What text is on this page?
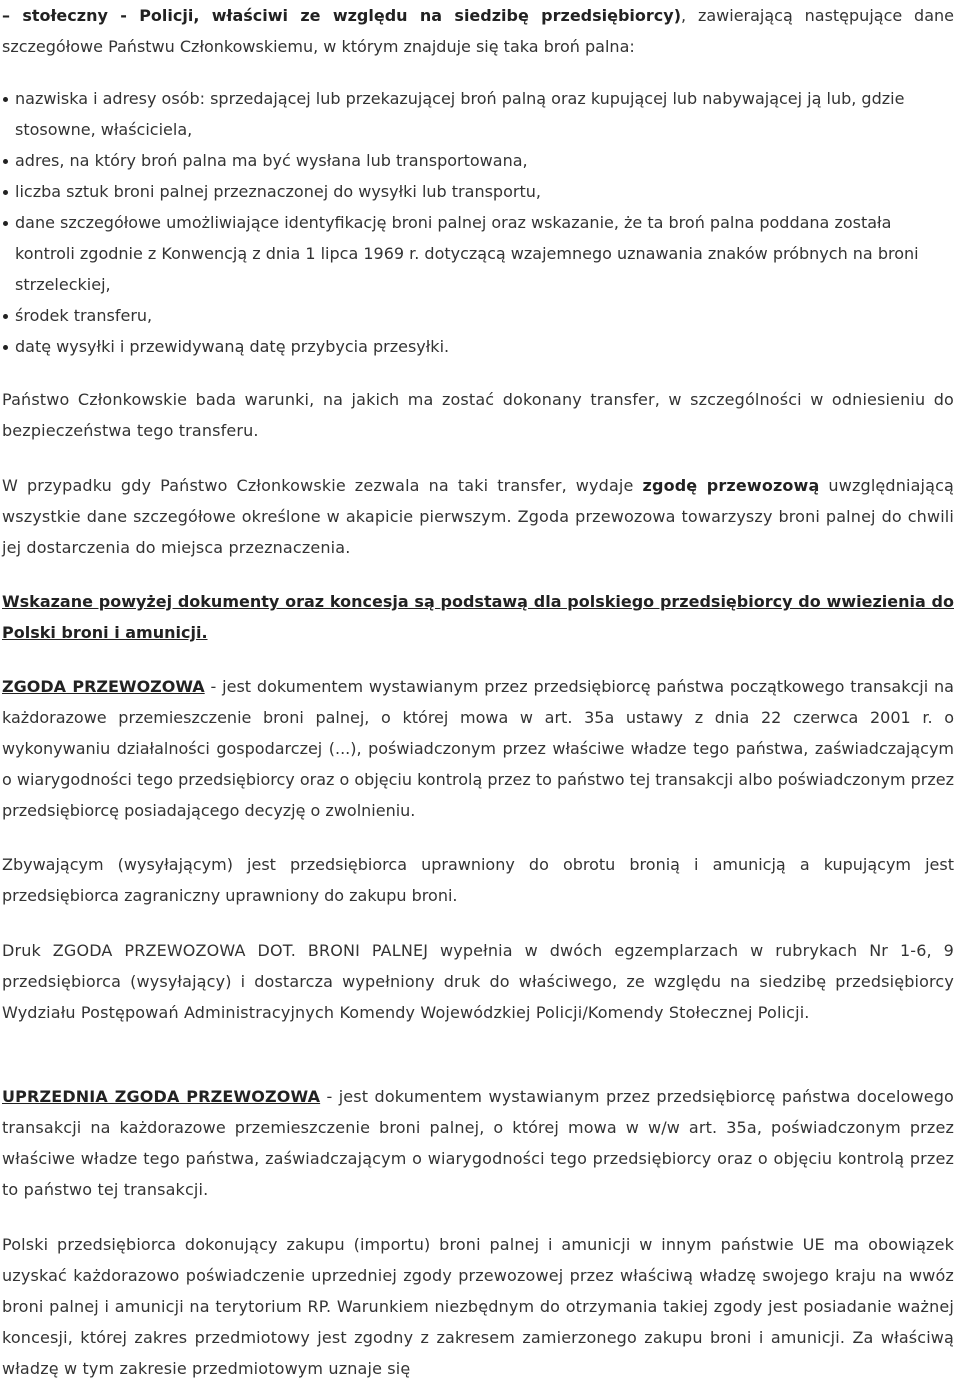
– stołeczny - Policji, właściwi ze względu na siedzibę przedsiębiorcy), zawierającą następujące dane szczegółowe Państwu Członkowskiemu, w którym znajduje się taka broń palna:

nazwiska i adresy osób: sprzedającej lub przekazującej broń palną oraz kupującej lub nabywającej ją lub, gdzie stosowne, właściciela,
adres, na który broń palna ma być wysłana lub transportowana,
liczba sztuk broni palnej przeznaczonej do wysyłki lub transportu,
dane szczegółowe umożliwiające identyfikację broni palnej oraz wskazanie, że ta broń palna poddana została kontroli zgodnie z Konwencją z dnia 1 lipca 1969 r. dotyczącą wzajemnego uznawania znaków próbnych na broni strzeleckiej,
środek transferu,
datę wysyłki i przewidywaną datę przybycia przesyłki.

Państwo Członkowskie bada warunki, na jakich ma zostać dokonany transfer, w szczególności w odniesieniu do bezpieczeństwa tego transferu.

W przypadku gdy Państwo Członkowskie zezwala na taki transfer, wydaje zgodę przewozową uwzględniającą wszystkie dane szczegółowe określone w akapicie pierwszym. Zgoda przewozowa towarzyszy broni palnej do chwili jej dostarczenia do miejsca przeznaczenia.

Wskazane powyżej dokumenty oraz koncesja są podstawą dla polskiego przedsiębiorcy do wwiezienia do Polski broni i amunicji.

ZGODA PRZEWOZOWA - jest dokumentem wystawianym przez przedsiębiorcę państwa początkowego transakcji na każdorazowe przemieszczenie broni palnej, o której mowa w art. 35a ustawy z dnia 22 czerwca 2001 r. o wykonywaniu działalności gospodarczej (...), poświadczonym przez właściwe władze tego państwa, zaświadczającym o wiarygodności tego przedsiębiorcy oraz o objęciu kontrolą przez to państwo tej transakcji albo poświadczonym przez przedsiębiorcę posiadającego decyzję o zwolnieniu.

Zbywającym (wysyłającym) jest przedsiębiorca uprawniony do obrotu bronią i amunicją a kupującym jest przedsiębiorca zagraniczny uprawniony do zakupu broni.

Druk ZGODA PRZEWOZOWA DOT. BRONI PALNEJ wypełnia w dwóch egzemplarzach w rubrykach Nr 1-6, 9 przedsiębiorca (wysyłający) i dostarcza wypełniony druk do właściwego, ze względu na siedzibę przedsiębiorcy Wydziału Postępowań Administracyjnych Komendy Wojewódzkiej Policji/Komendy Stołecznej Policji.

UPRZEDNIA ZGODA PRZEWOZOWA - jest dokumentem wystawianym przez przedsiębiorcę państwa docelowego transakcji na każdorazowe przemieszczenie broni palnej, o której mowa w w/w art. 35a, poświadczonym przez właściwe władze tego państwa, zaświadczającym o wiarygodności tego przedsiębiorcy oraz o objęciu kontrolą przez to państwo tej transakcji.

Polski przedsiębiorca dokonujący zakupu (importu) broni palnej i amunicji w innym państwie UE ma obowiązek uzyskać każdorazowo poświadczenie uprzedniej zgody przewozowej przez właściwą władzę swojego kraju na wwóz broni palnej i amunicji na terytorium RP. Warunkiem niezbędnym do otrzymania takiej zgody jest posiadanie ważnej koncesji, której zakres przedmiotowy jest zgodny z zakresem zamierzonego zakupu broni i amunicji. Za właściwą władzę w tym zakresie przedmiotowym uznaje się
